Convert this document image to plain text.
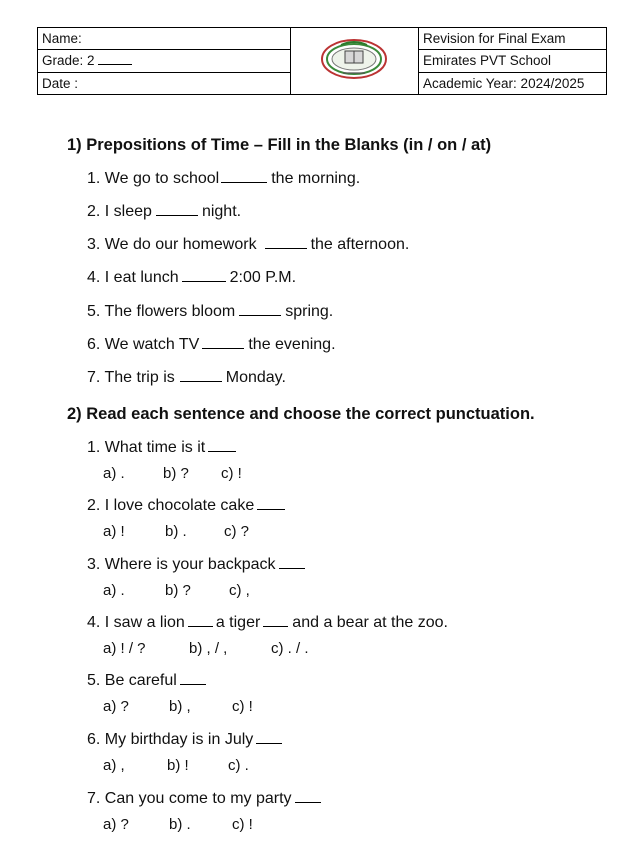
Name:		Revision for Final Exam
Grade: 2		Emirates PVT School
Date :		Academic Year: 2024/2025
1) Prepositions of Time – Fill in the Blanks (in / on / at)
1. We go to school	the morning.
2. I sleep	night.
3. We do our homework	the afternoon.
4. I eat lunch	2:00 P.M.
5. The flowers bloom	spring.
6. We watch TV	the evening.
7. The trip is	Monday.
2) Read each sentence and choose the correct punctuation.
1. What time is it
a) .	b) ? c) !
2. I love chocolate cake
a) !	b) . c) ?
3. Where is your backpack
a) .	b) ?	c) ,
4. I saw a lion a tiger and a bear at the zoo.
a) ! / ?	b) , / ,	c) . / .
5. Be careful
a) ?	b) ,	c) !
6. My birthday is in July
a) ,	b) !	c) .
7. Can you come to my party
a) ?	b) .	c) !
